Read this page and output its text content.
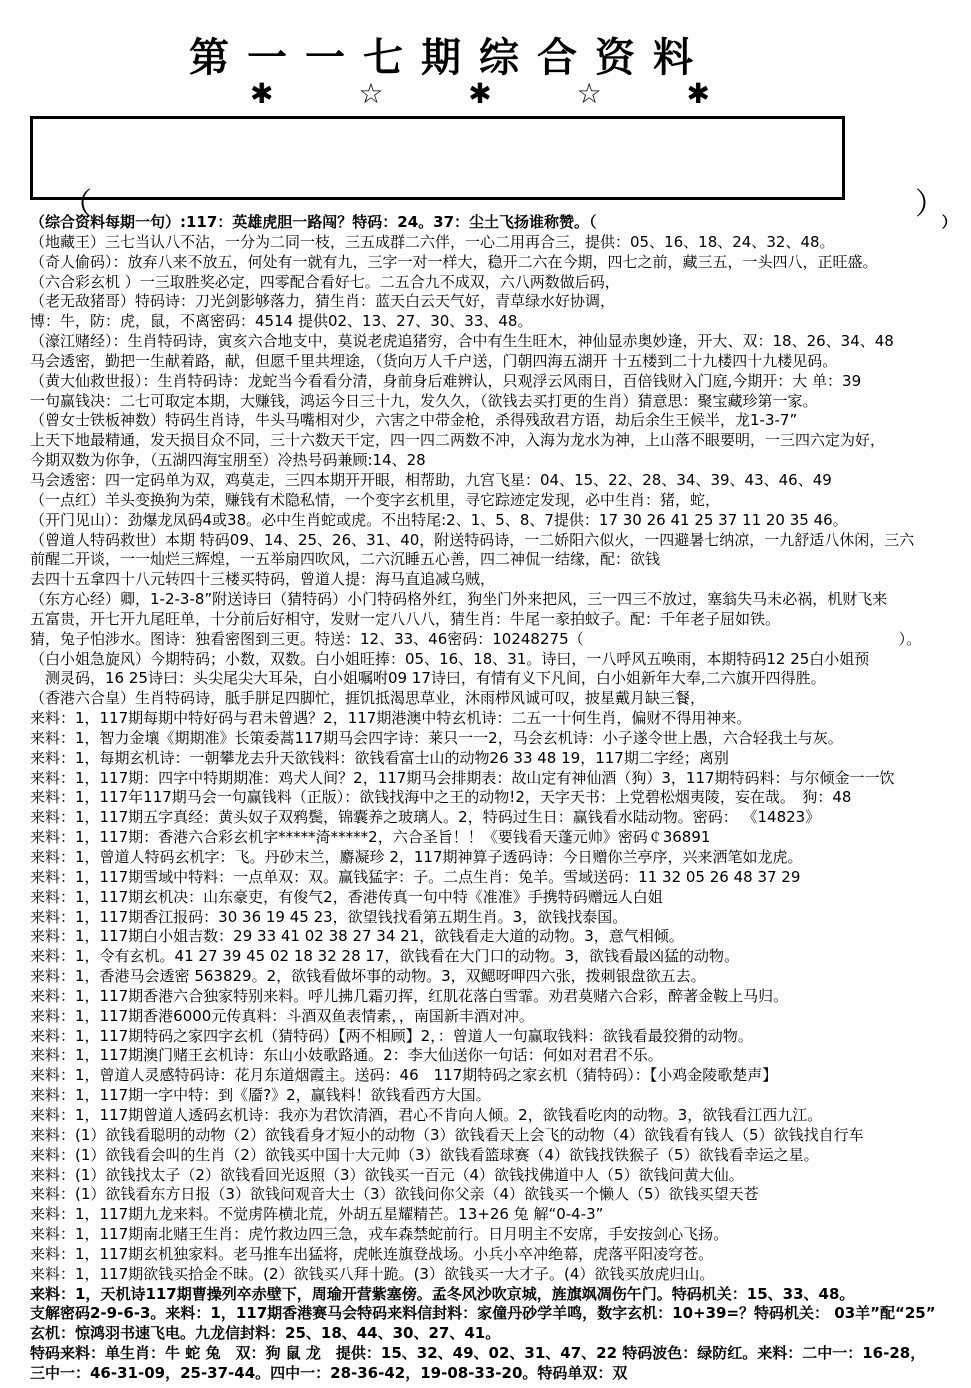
第一一七期综合资料
✱	☆	✱	☆	✱
（	）
（综合资料每期一句）:117：英雄虎胆一路闯？特码：24。37：尘土飞扬谁称赞。（　　　　　　　　　　　　　　　　　　　　　　　）
（地藏王）三七当认八不沾，一分为二同一枝，三五成群二六伴，一心二用再合三，提供：05、16、18、24、32、48。
（奇人偷码）：放弃八来不放五，何处有一就有九，三字一对一样大，稳开二六在今期，四七之前，藏三五，一头四八，正旺盛。
（六合彩玄机 ）一三取胜奖必定，四零配合看好七。二五合九不成双，六八两数做后码，
（老无敌猪哥）特码诗：刀光剑影够落力，猜生肖：蓝天白云天气好，青草绿水好协调，
博：牛，防：虎，鼠，不离密码：4514 提供02、13、27、30、33、48。
（濠江赌经）：生肖特码诗，寅亥六合地支中，莫说老虎追猪穷，合中有生生旺木，神仙显赤奥妙逢，开大、双：18、26、34、48
马会透密，勤把一生献着路，献，但愿千里共埋途，（货向万人千户送，门朝四海五湖开 十五楼到二十九楼四十九楼见码。
（黄大仙救世报）：生肖特码诗：龙蛇当今看看分清，身前身后难辨认，只观浮云风雨日，百倍钱财入门庭,今期开：大 单：39
一句赢钱决：二七可取定本期，大赚钱，鸿运今日三十九，发久久，（欲钱去买打更的生肖）猜意思：聚宝藏珍第一家。
（曾女士铁板神数）特码生肖诗，牛头马嘴相对少，六害之中带金枪，杀得残敌君方语，劫后余生王候半，龙1-3-7”
上天下地最精通，发天损目众不同，三十六数天干定，四一四二两数不冲，入海为龙水为神，上山落不眼要明，一三四六定为好，
今期双数为你争，（五湖四海宝朋至）冷热号码兼顾:14、28
马会透密：四一定码单为双，鸡莫走，三四本期开开眼，相帮助，九宫飞星：04、15、22、28、34、39、43、46、49
（一点红）羊头变换狗为荣，赚钱有术隐私情，一个变字玄机里，寻它踪迹定发现，必中生肖：猪，蛇，
（开门见山）：劲爆龙凤码4或38。必中生肖蛇或虎。不出特尾:2、1、5、8、7提供：17 30 26 41 25 37 11 20 35 46。
（曾道人特码救世）本期 特码09、14、25、26、31、40，附送特码诗，一二娇阳六似火，一四避暑七纳凉，一九舒适八休闲，三六
前醒二开谈，一一灿烂三辉煌，一五举扇四吹风，二六沉睡五心善，四二神侃一结缘，配：欲钱
去四十五拿四十八元转四十三楼买特码，曾道人提：海马直追减乌贼，
（东方心经）卿，1-2-3-8”附送诗曰（猜特码）小门特码格外红，狗坐门外来把风，三一四三不放过，塞翁失马未必祸，机财飞来
五富贵，开七开九尾旺单，十分前后好相守，发财一定八八八，猜生肖：牛尾一豙拍蚊子。配：千年老子屈如铁。
猜，兔子怕涉水。图诗：独看密图到三更。特送：12、33、46密码：10248275（　　　　　　　　　　　　　　　　　　　　　）。
（白小姐急旋风）今期特码；小数，双数。白小姐旺捧：05、16、18、31。诗曰，一八呼风五唤雨，本期特码12 25白小姐预
　测灵码，16 25诗曰：头尖尾尖大耳朵，白小姐嘱咐09 17诗曰，有情有义下凡间，白小姐新年大奉,二六旗开四得胜。
（香港六合皇）生肖特码诗，胝手胼足四脚忙，捱饥抵渴思草业，沐雨栉风诚可叹，披星戴月缺三餐，
来料：1，117期每期中特好码与君未曾遇？2，117期港澳中特玄机诗：二五一十何生肖，偏财不得用神来。
来料：1，智力金壤《期期准》长策委蒿117期马会四字诗：莱只一一2，马会玄机诗：小子遂令世上愚，六合轻我土与灰。
来料：1，每期玄机诗：一朝攀龙去升天欲钱料：欲钱看富士山的动物26 33 48 19，117期二字经；离别
来料：1，117期：四字中特期期准：鸡犬人间？2，117期马会排期表：故山定有神仙酒（狗）3，117期特码料：与尔倾金一一饮
来料：1，117年117期马会一句赢钱料（正版）：欲钱找海中之王的动物!2，天字天书：上党碧松烟夷陵，妄在哉。　狗：48
来料：1，117期五字真经：黄头奴子双鸦鬓，锦囊养之玻璃人。2，特码过生日：赢钱看水陆动物。密码： 《14823》
来料：1，117期：香港六合彩玄机字*****渏*****2，六合圣旨！！《要钱看天蓬元帅》密码￠36891
来料：1，曾道人特码玄机字：飞。丹砂末兰，麝凝珍 2，117期神算子透码诗：今日赠你兰亭序，兴来洒笔如龙虎。
来料：1，117期雪域中特料：一点单双：双。赢钱猛字：子。二点生肖：兔羊。雪域送码：11 32 05 26 48 37 29
来料：1，117期玄机决：山东豪吏，有俊气2，香港传真一句中特《准准》手携特码赠远人白姐
来料：1，117期香江报码：30 36 19 45 23，欲望钱找看第五期生肖。3，欲钱找泰国。
来料：1，117期白小姐吉数：29 33 41 02 38 27 34 21，欲钱看走大道的动物。3，意气相倾。
来料：1，令有玄机。41 27 39 45 02 18 32 28 17，欲钱看在大门口的动物。3，欲钱看最凶猛的动物。
来料：1，香港马会透密 563829。2，欲钱看做坏事的动物。3，双鳃呀呷四六张，拨刺银盘欲五去。
来料：1，117期香港六合独家特别来料。呼儿拂几霜刃挥，红肌花落白雪霏。劝君莫赌六合彩，醉著金鞍上马归。
来料：1，117期香港6000元传真料：斗酒双鱼表情素，，南国新丰酒对冲。
来料：1，117期特码之家四字玄机（猜特码）【两不相顾】2，：曾道人一句赢取钱料：欲钱看最狡猾的动物。
来料：1，117期澳门赌王玄机诗：东山小妓歌路通。2：李大仙送你一句话：何如对君君不乐。
来料：1，曾道人灵感特码诗：花月东道烟霞主。送码：46　117期特码之家玄机（猜特码）：【小鸡金陵歌楚声】
来料：1，117期一字中特：到《靥?》2，赢钱料！欲钱看西方大国。
来料：1，117期曾道人透码玄机诗：我亦为君饮清酒，君心不肯向人倾。2，欲钱看吃肉的动物。3，欲钱看江西九江。
来料：(1）欲钱看聪明的动物（2）欲钱看身才短小的动物（3）欲钱看天上会飞的动物（4）欲钱看有钱人（5）欲钱找自行车
来料：(1）欲钱看会叫的生肖（2）欲钱买中国十大元帅（3）欲钱看篮球赛（4）欲钱找铁猴子（5）欲钱看幸运之星。
来料：(1）欲钱找太子（2）欲钱看回光返照（3）欲钱买一百元（4）欲钱找佛道中人（5）欲钱问黄大仙。
来料：(1）欲钱看东方日报（3）欲钱问观音大士（3）欲钱问你父亲（4）欲钱买一个懒人（5）欲钱买望天苍
来料：1，117期九龙来料。不觉虏阵横北荒，外胡五星耀精芒。13+26 兔 解“0-4-3”
来料：1，117期南北赌王生肖：虎竹救边四三急，戎车森禁蛇前行。日月明主不安席，手安按剑心飞扬。
来料：1，117期玄机独家料。老马推车出猛将，虎帐连旗登战场。小兵小卒冲绝幕，虎落平阳凌穹苍。
来料：1，117期欲钱买拾金不昧。(2）欲钱买八拜十跪。(3）欲钱买一大才子。(4）欲钱买放虎归山。
来料：1，天机诗117期曹操列卒赤壁下，周瑜开营紫塞傍。孟冬风沙吹京城，旌旗飒凋伤午门。特码机关：15、33、48。
支解密码2-9-6-3。来料：1，117期香港赛马会特码来料信封料：家僮丹砂学羊鸣，数字玄机：10+39=？特码机关： 03羊”配“25”
玄机：惊鸿羽书速飞电。九龙信封料：25、18、44、30、27、41。
特码来料：单生肖：牛 蛇 兔　双：狗 鼠 龙　提供：15、32、49、02、31、47、22 特码波色：绿防红。来料：二中一：16-28，
三中一：46-31-09，25-37-44。四中一：28-36-42，19-08-33-20。特码单双：双
